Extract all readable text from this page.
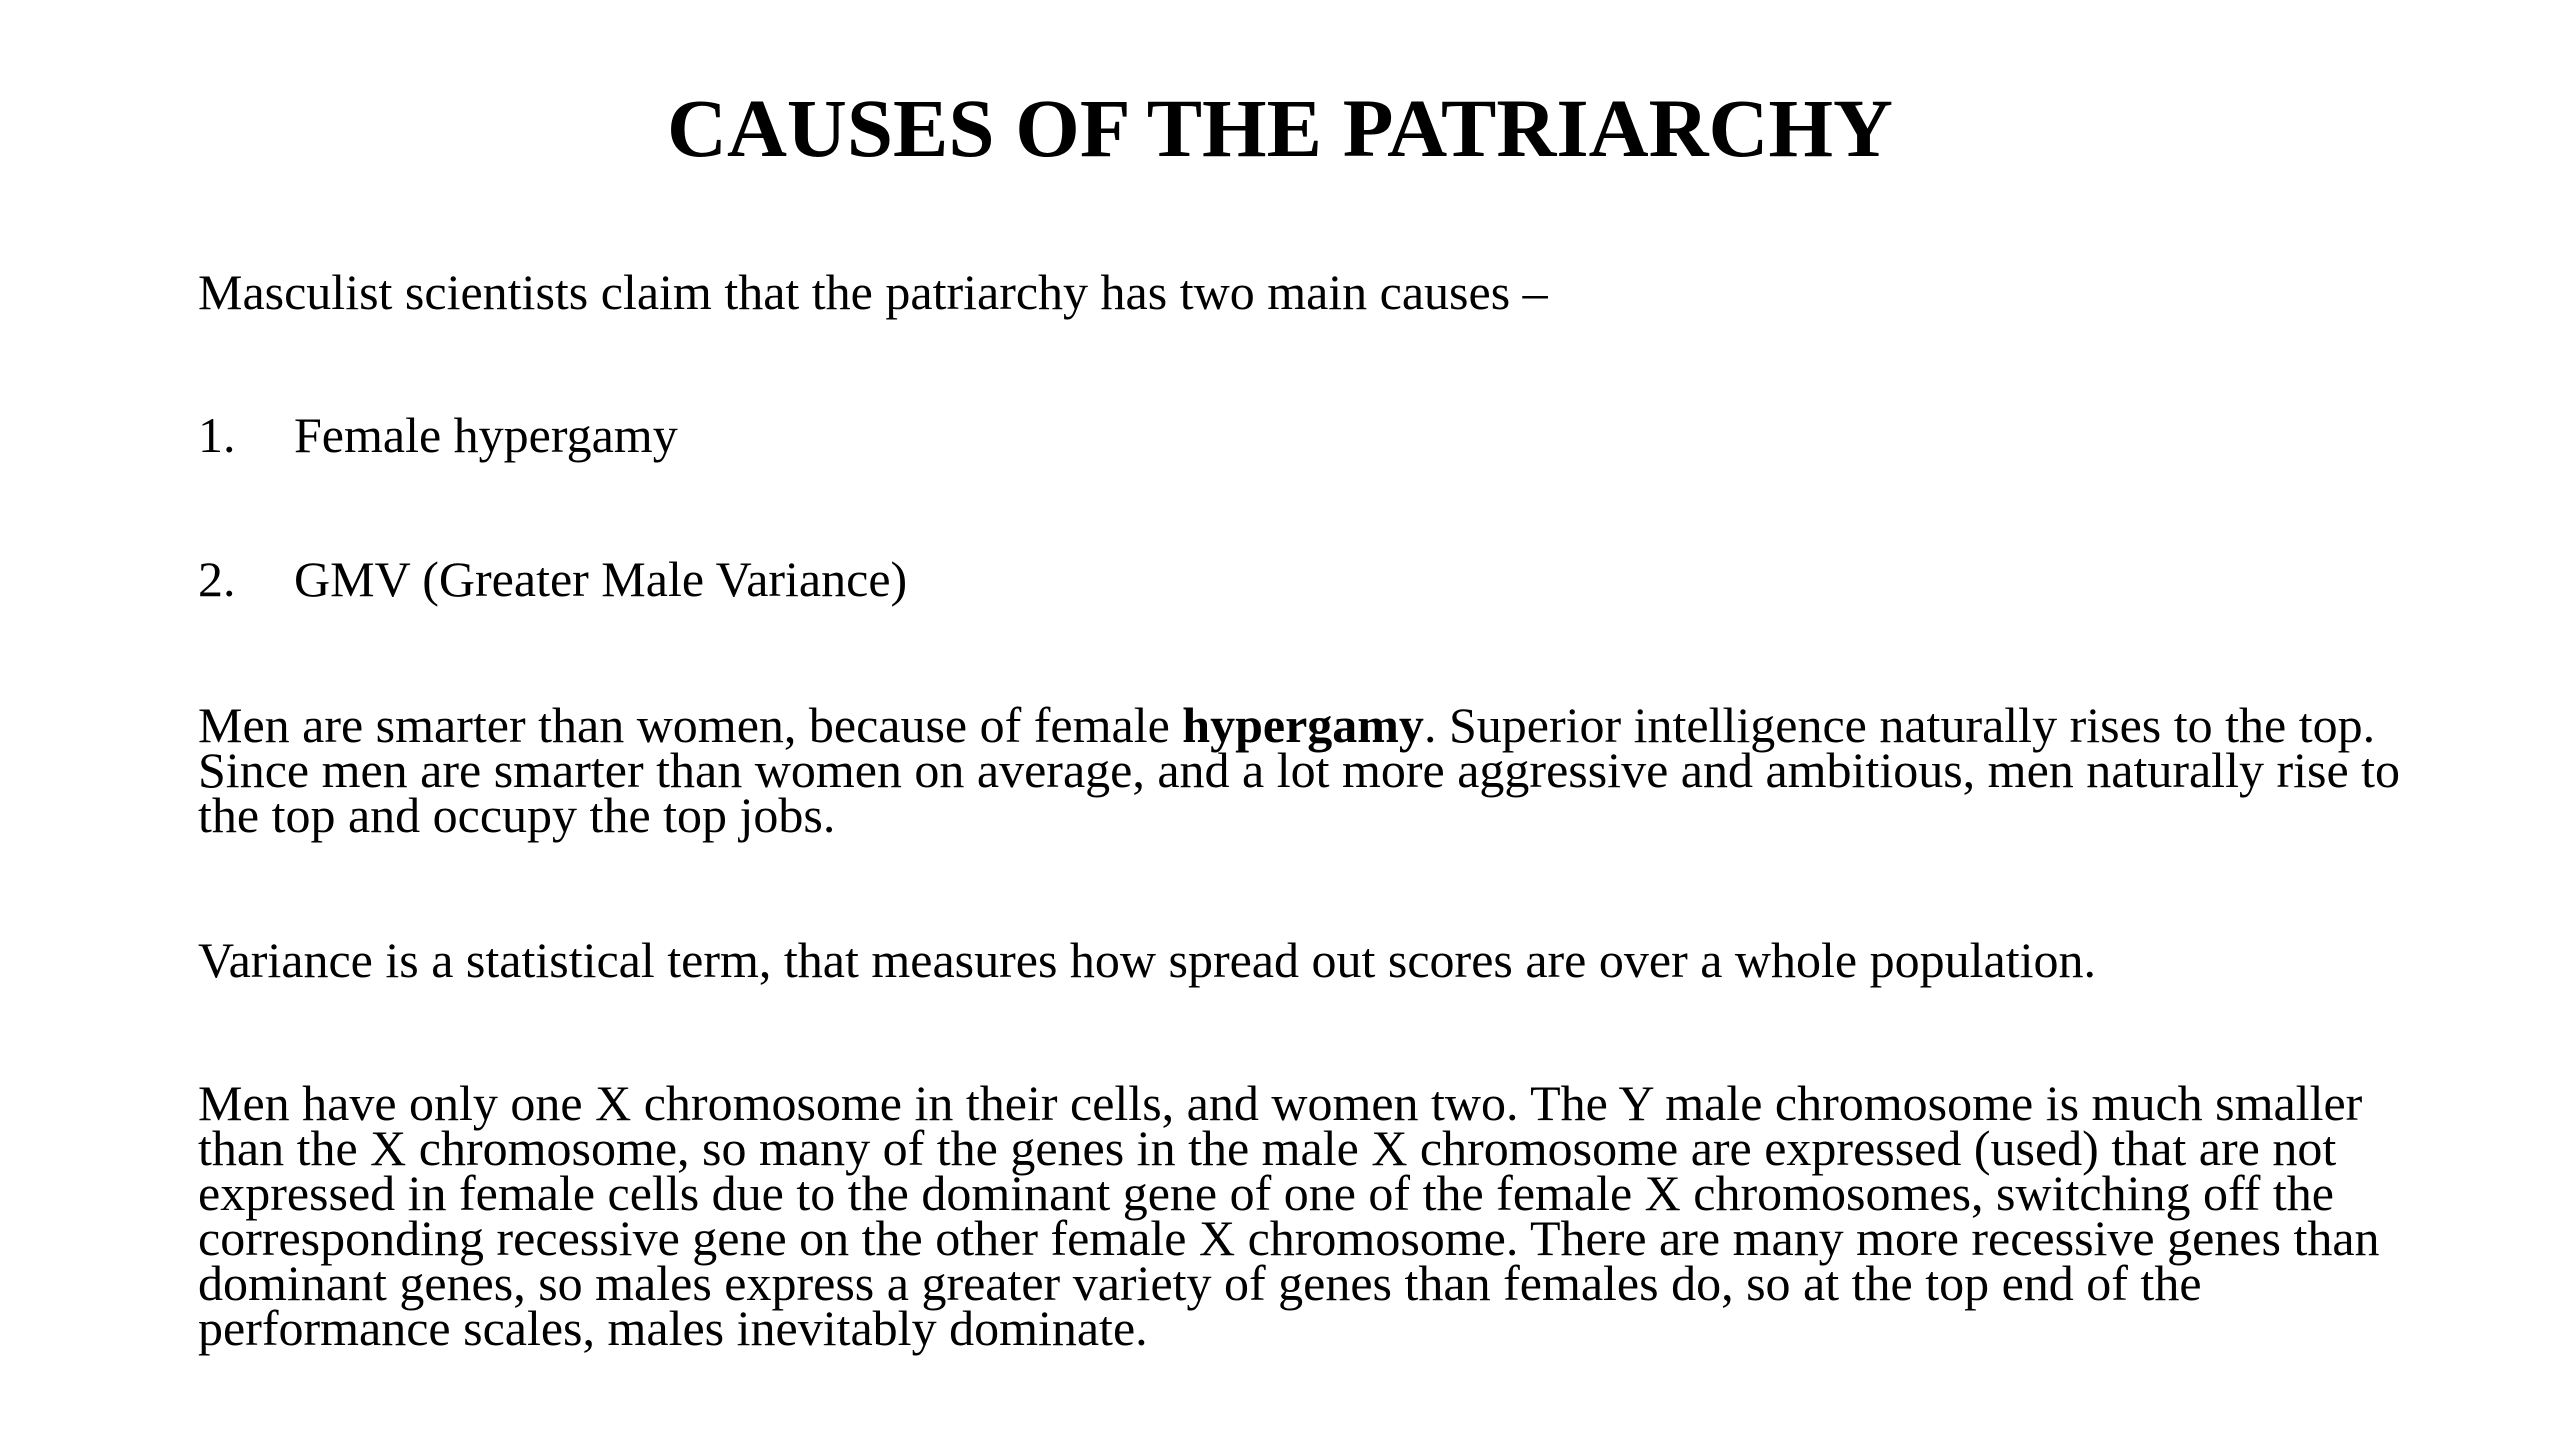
CAUSES OF THE PATRIARCHY

Masculist scientists claim that the patriarchy has two main causes –

1.	Female hypergamy
2.	GMV (Greater Male Variance)

Men are smarter than women, because of female hypergamy. Superior intelligence naturally rises to the top. Since men are smarter than women on average, and a lot more aggressive and ambitious, men naturally rise to the top and occupy the top jobs.

Variance is a statistical term, that measures how spread out scores are over a whole population.

Men have only one X chromosome in their cells, and women two. The Y male chromosome is much smaller than the X chromosome, so many of the genes in the male X chromosome are expressed (used) that are not expressed in female cells due to the dominant gene of one of the female X chromosomes, switching off the corresponding recessive gene on the other female X chromosome. There are many more recessive genes than dominant genes, so males express a greater variety of genes than females do, so at the top end of the performance scales, males inevitably dominate.
